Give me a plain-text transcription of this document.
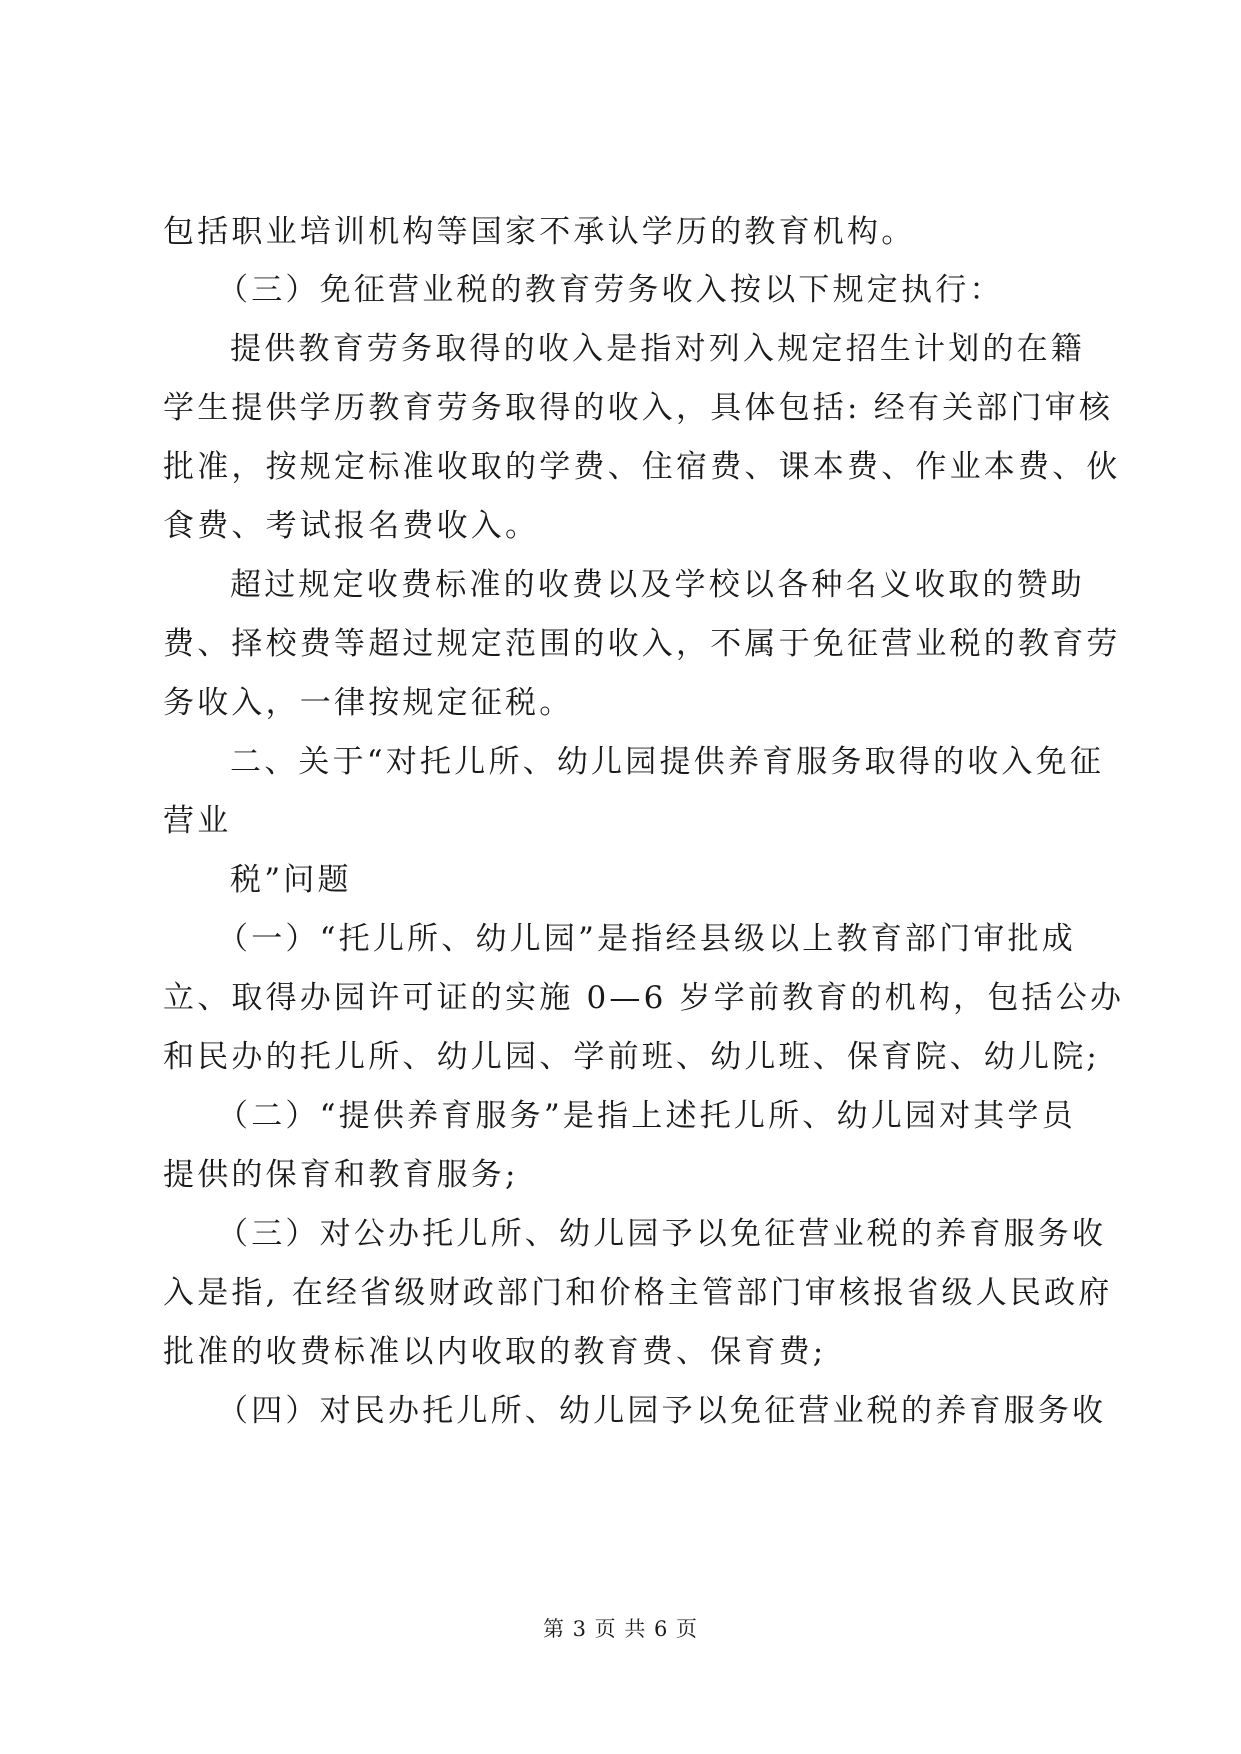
包括职业培训机构等国家不承认学历的教育机构。
（三）免征营业税的教育劳务收入按以下规定执行：
提供教育劳务取得的收入是指对列入规定招生计划的在籍
学生提供学历教育劳务取得的收入，具体包括: 经有关部门审核
批准，按规定标准收取的学费、住宿费、课本费、作业本费、伙
食费、考试报名费收入。
超过规定收费标准的收费以及学校以各种名义收取的赞助
费、择校费等超过规定范围的收入，不属于免征营业税的教育劳
务收入，一律按规定征税。
二、关于“对托儿所、幼儿园提供养育服务取得的收入免征
营业
税”问题
（一）“托儿所、幼儿园”是指经县级以上教育部门审批成
立、取得办园许可证的实施 0—6 岁学前教育的机构，包括公办
和民办的托儿所、幼儿园、学前班、幼儿班、保育院、幼儿院;
（二）“提供养育服务”是指上述托儿所、幼儿园对其学员
提供的保育和教育服务;
（三）对公办托儿所、幼儿园予以免征营业税的养育服务收
入是指, 在经省级财政部门和价格主管部门审核报省级人民政府
批准的收费标准以内收取的教育费、保育费;
（四）对民办托儿所、幼儿园予以免征营业税的养育服务收
第 3 页 共 6 页
